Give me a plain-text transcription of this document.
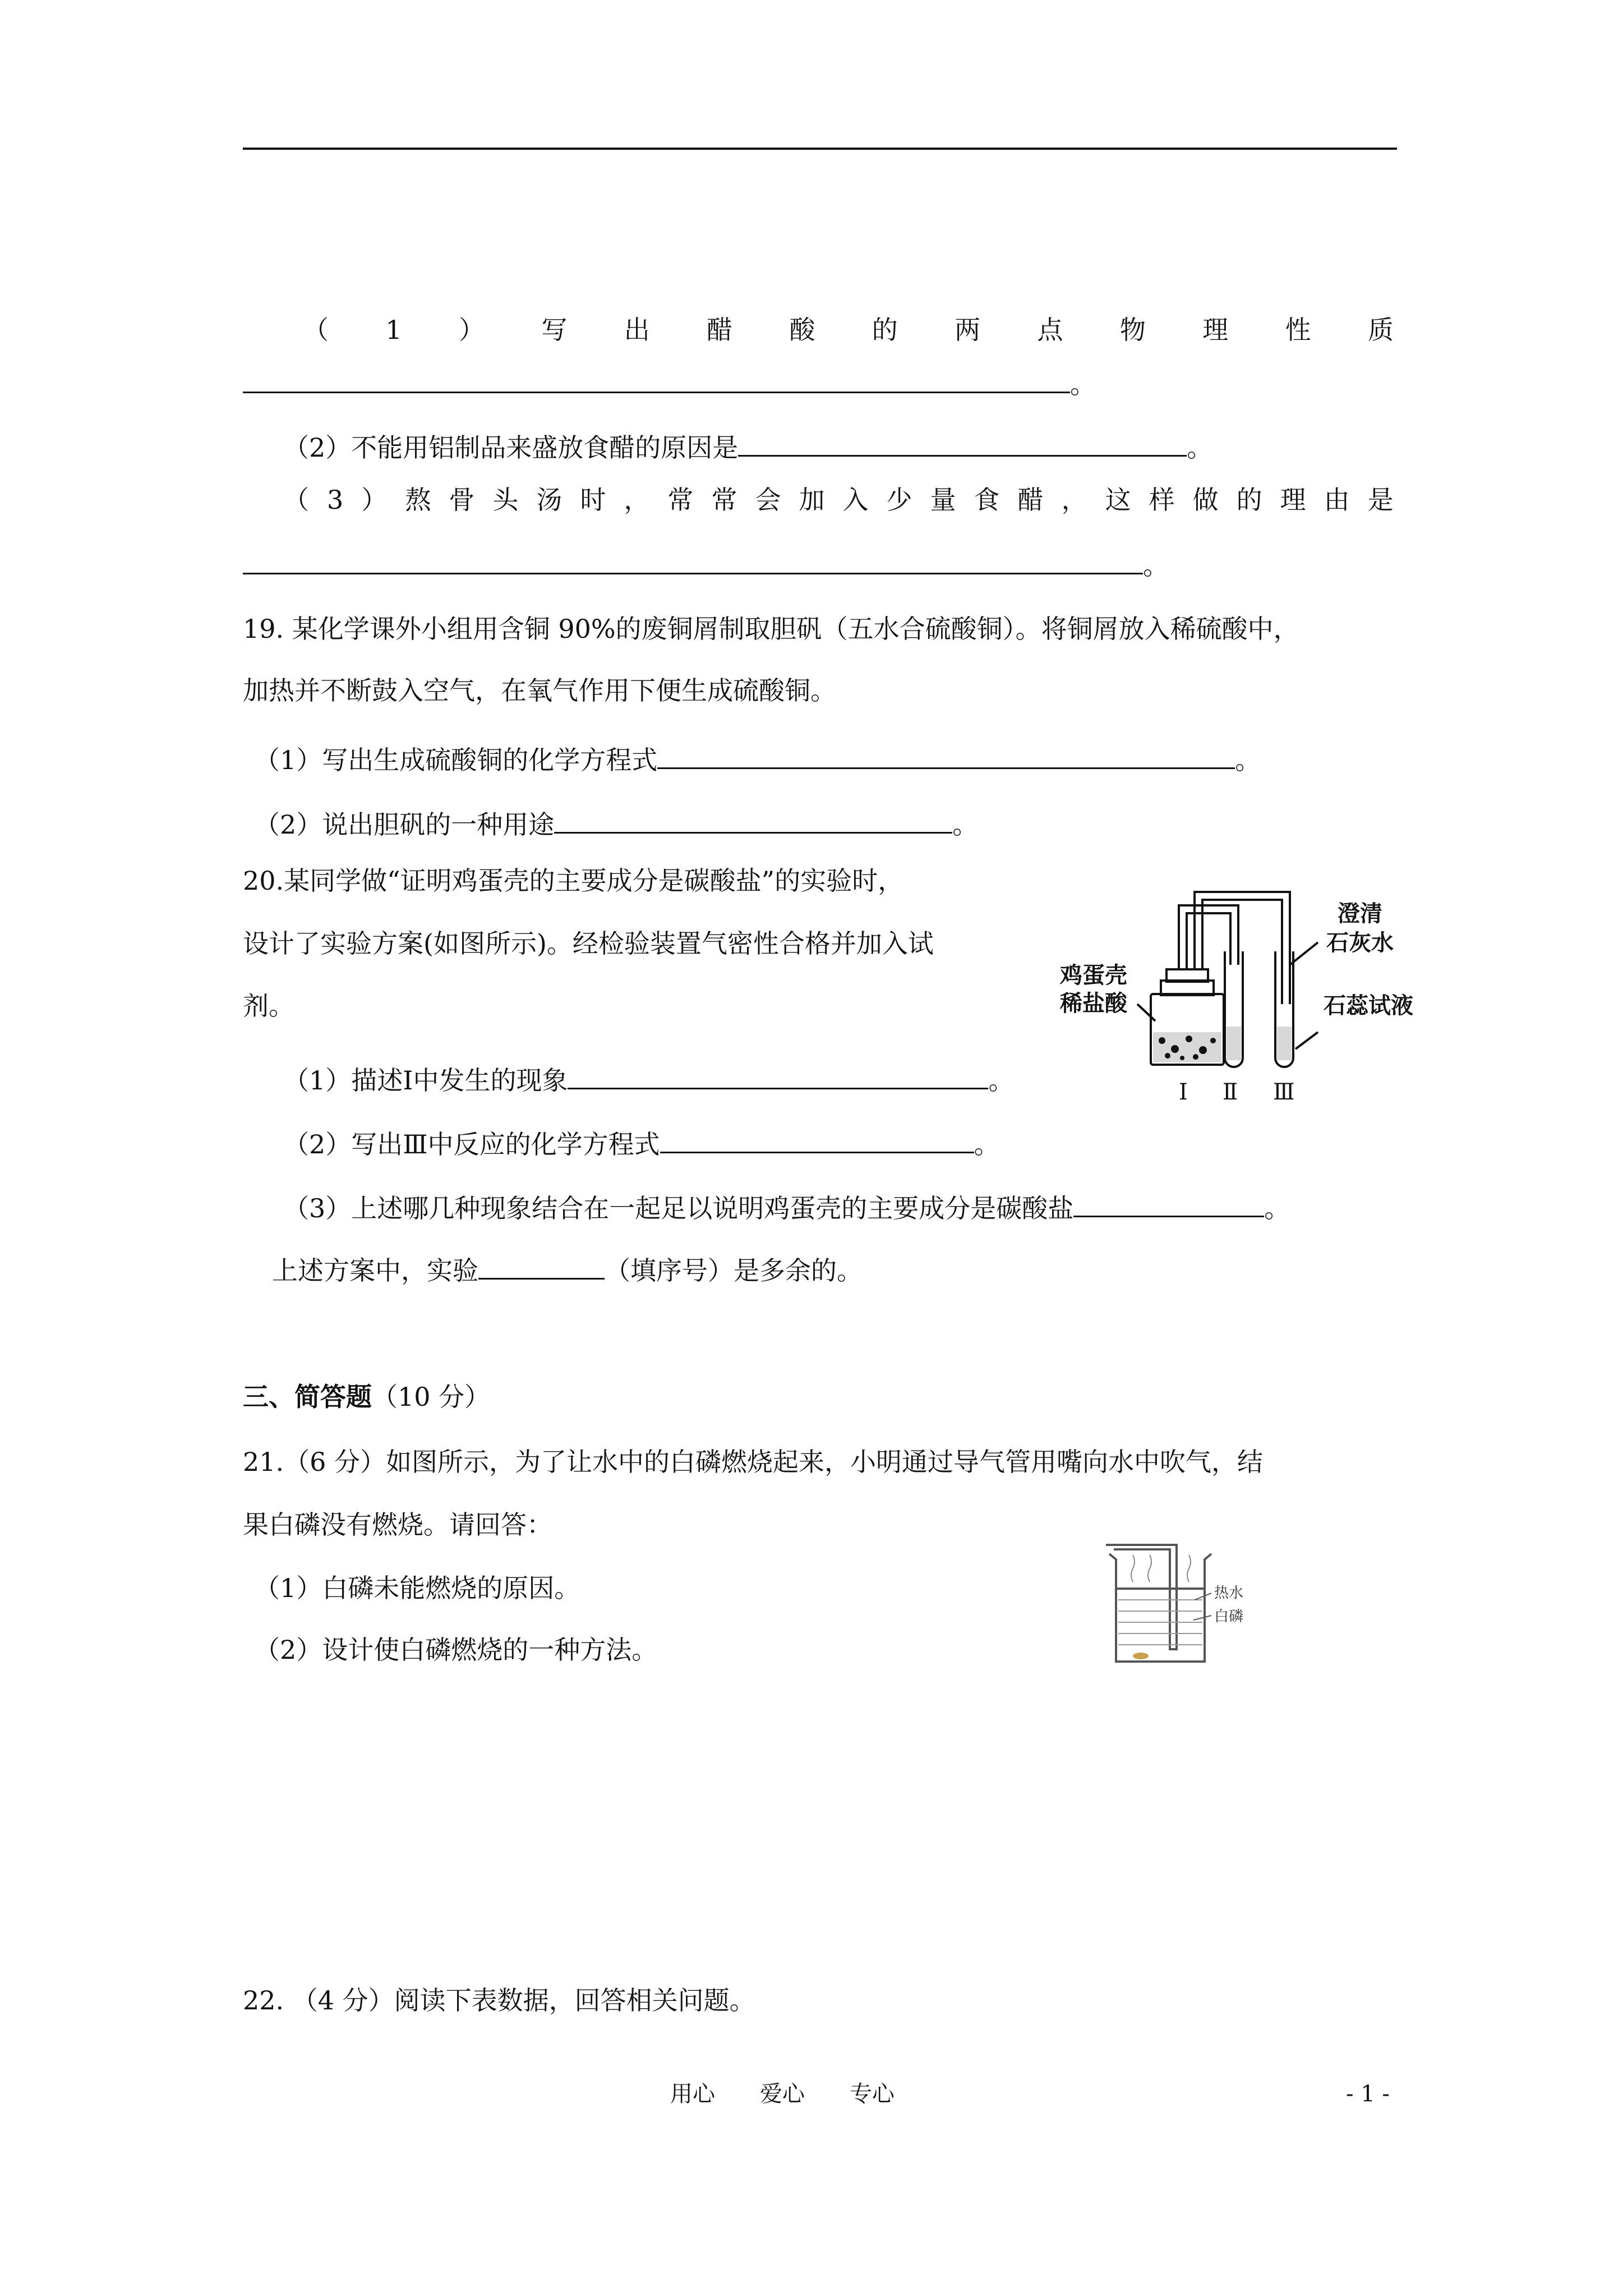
（ 1 ） 写 出 醋 酸 的 两 点 物 理 性 质
。
（2）不能用铝制品来盛放食醋的原因是	。
（ 3 ） 熬 骨 头 汤 时 ， 常 常 会 加 入 少 量 食 醋 ， 这 样 做 的 理 由 是
。
19. 某化学课外小组用含铜 90%的废铜屑制取胆矾（五水合硫酸铜）。将铜屑放入稀硫酸中，
加热并不断鼓入空气，在氧气作用下便生成硫酸铜。
（1）写出生成硫酸铜的化学方程式	。
（2）说出胆矾的一种用途	。
20.某同学做“证明鸡蛋壳的主要成分是碳酸盐”的实验时，
设计了实验方案(如图所示)。经检验装置气密性合格并加入试
剂。
（1）描述Ⅰ中发生的现象	。
（2）写出Ⅲ中反应的化学方程式	。
（3）上述哪几种现象结合在一起足以说明鸡蛋壳的主要成分是碳酸盐	。
上述方案中，实验	（填序号）是多余的。
澄清
石灰水
鸡蛋壳
稀盐酸	石蕊试液
Ⅰ Ⅱ Ⅲ
三、简答题（10 分）
21.（6 分）如图所示，为了让水中的白磷燃烧起来，小明通过导气管用嘴向水中吹气，结
果白磷没有燃烧。请回答：
（1）白磷未能燃烧的原因。
（2）设计使白磷燃烧的一种方法。
热水
白磷
22. （4 分）阅读下表数据，回答相关问题。
用心　　爱心　　专心	- 1 -
